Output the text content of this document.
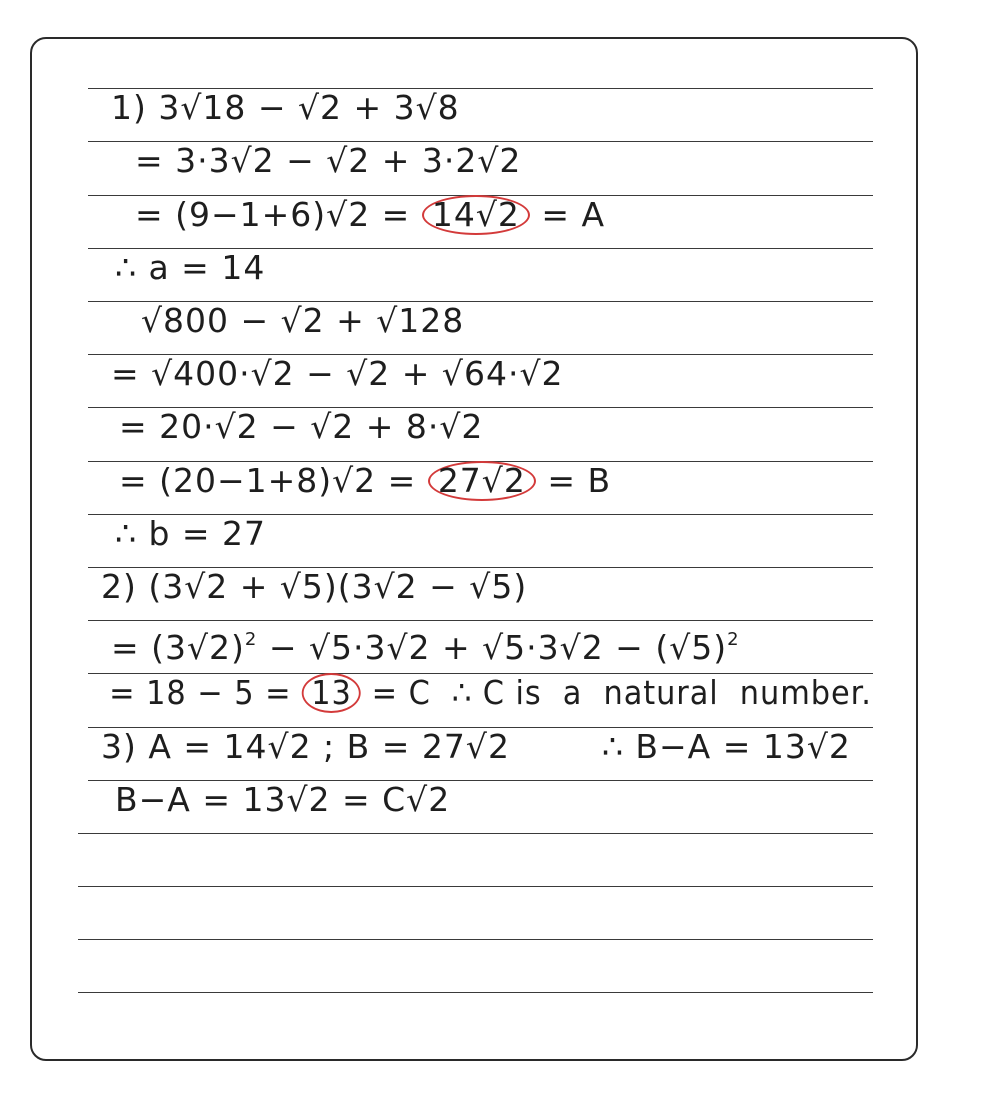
1) 3√18 − √2 + 3√8

= 3·3√2 − √2 + 3·2√2

= (9−1+6)√2 = 14√2 = A

∴ a = 14

√800 − √2 + √128

= √400·√2 − √2 + √64·√2

= 20·√2 − √2 + 8·√2

= (20−1+8)√2 = 27√2 = B

∴ b = 27

2) (3√2 + √5)(3√2 − √5)

= $(3√2)^2 - √5\cdot 3√2 + √5\cdot 3√2 - (√5)^2$

= 18 − 5 = 13 = C  ∴ C is  a  natural  number.

3) A = 14√2 ; B = 27√2        ∴ B−A = 13√2

B−A = 13√2 = C√2
